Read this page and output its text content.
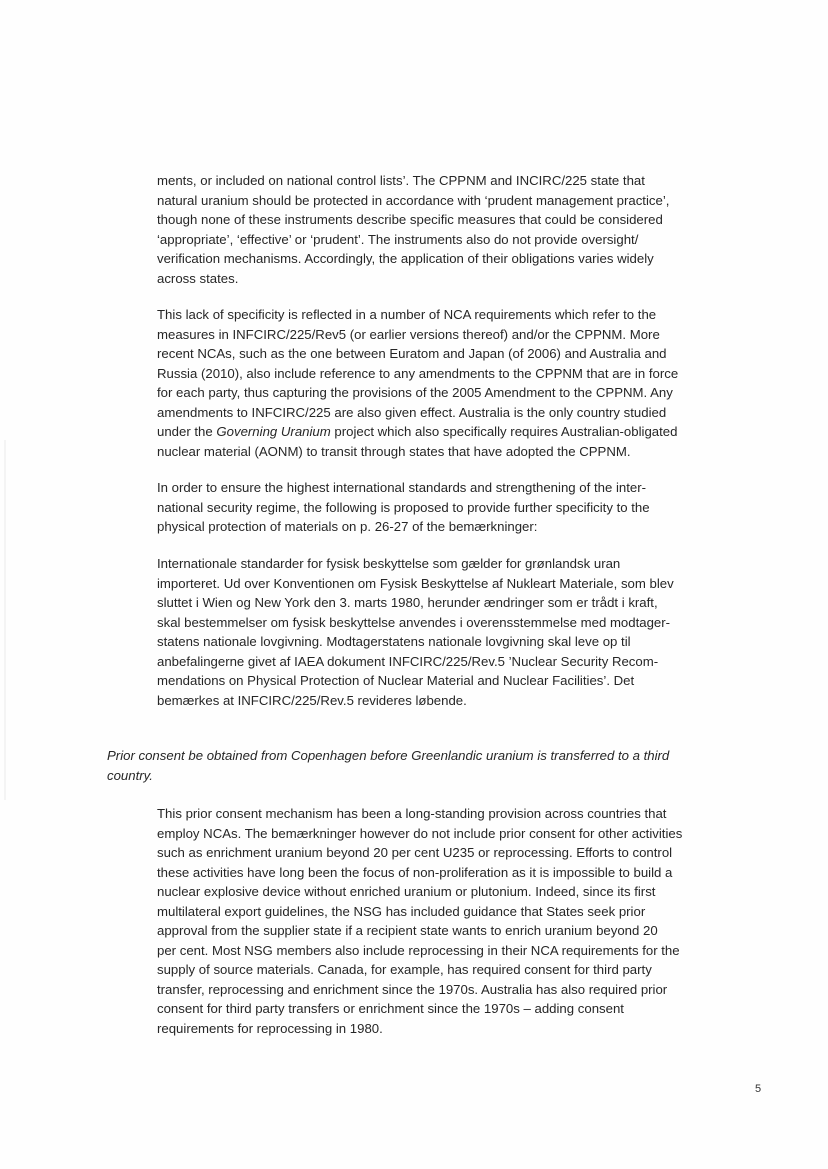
ments, or included on national control lists’. The CPPNM and INCIRC/225 state that
natural uranium should be protected in accordance with ‘prudent management practice’,
though none of these instruments describe specific measures that could be considered
‘appropriate’, ‘effective’ or ‘prudent’. The instruments also do not provide oversight/
verification mechanisms. Accordingly, the application of their obligations varies widely
across states.
This lack of specificity is reflected in a number of NCA requirements which refer to the
measures in INFCIRC/225/Rev5 (or earlier versions thereof) and/or the CPPNM. More
recent NCAs, such as the one between Euratom and Japan (of 2006) and Australia and
Russia (2010), also include reference to any amendments to the CPPNM that are in force
for each party, thus capturing the provisions of the 2005 Amendment to the CPPNM. Any
amendments to INFCIRC/225 are also given effect. Australia is the only country studied
under the Governing Uranium project which also specifically requires Australian-obligated
nuclear material (AONM) to transit through states that have adopted the CPPNM.
In order to ensure the highest international standards and strengthening of the inter-
national security regime, the following is proposed to provide further specificity to the
physical protection of materials on p. 26-27 of the bemærkninger:
Internationale standarder for fysisk beskyttelse som gælder for grønlandsk uran
importeret. Ud over Konventionen om Fysisk Beskyttelse af Nukleart Materiale, som blev
sluttet i Wien og New York den 3. marts 1980, herunder ændringer som er trådt i kraft,
skal bestemmelser om fysisk beskyttelse anvendes i overensstemmelse med modtager-
statens nationale lovgivning. Modtagerstatens nationale lovgivning skal leve op til
anbefalingerne givet af IAEA dokument INFCIRC/225/Rev.5 ’Nuclear Security Recom-
mendations on Physical Protection of Nuclear Material and Nuclear Facilities’. Det
bemærkes at INFCIRC/225/Rev.5 revideres løbende.
Prior consent be obtained from Copenhagen before Greenlandic uranium is transferred to a third
country.
This prior consent mechanism has been a long-standing provision across countries that
employ NCAs. The bemærkninger however do not include prior consent for other activities
such as enrichment uranium beyond 20 per cent U235 or reprocessing. Efforts to control
these activities have long been the focus of non-proliferation as it is impossible to build a
nuclear explosive device without enriched uranium or plutonium. Indeed, since its first
multilateral export guidelines, the NSG has included guidance that States seek prior
approval from the supplier state if a recipient state wants to enrich uranium beyond 20
per cent. Most NSG members also include reprocessing in their NCA requirements for the
supply of source materials. Canada, for example, has required consent for third party
transfer, reprocessing and enrichment since the 1970s. Australia has also required prior
consent for third party transfers or enrichment since the 1970s – adding consent
requirements for reprocessing in 1980.
5
